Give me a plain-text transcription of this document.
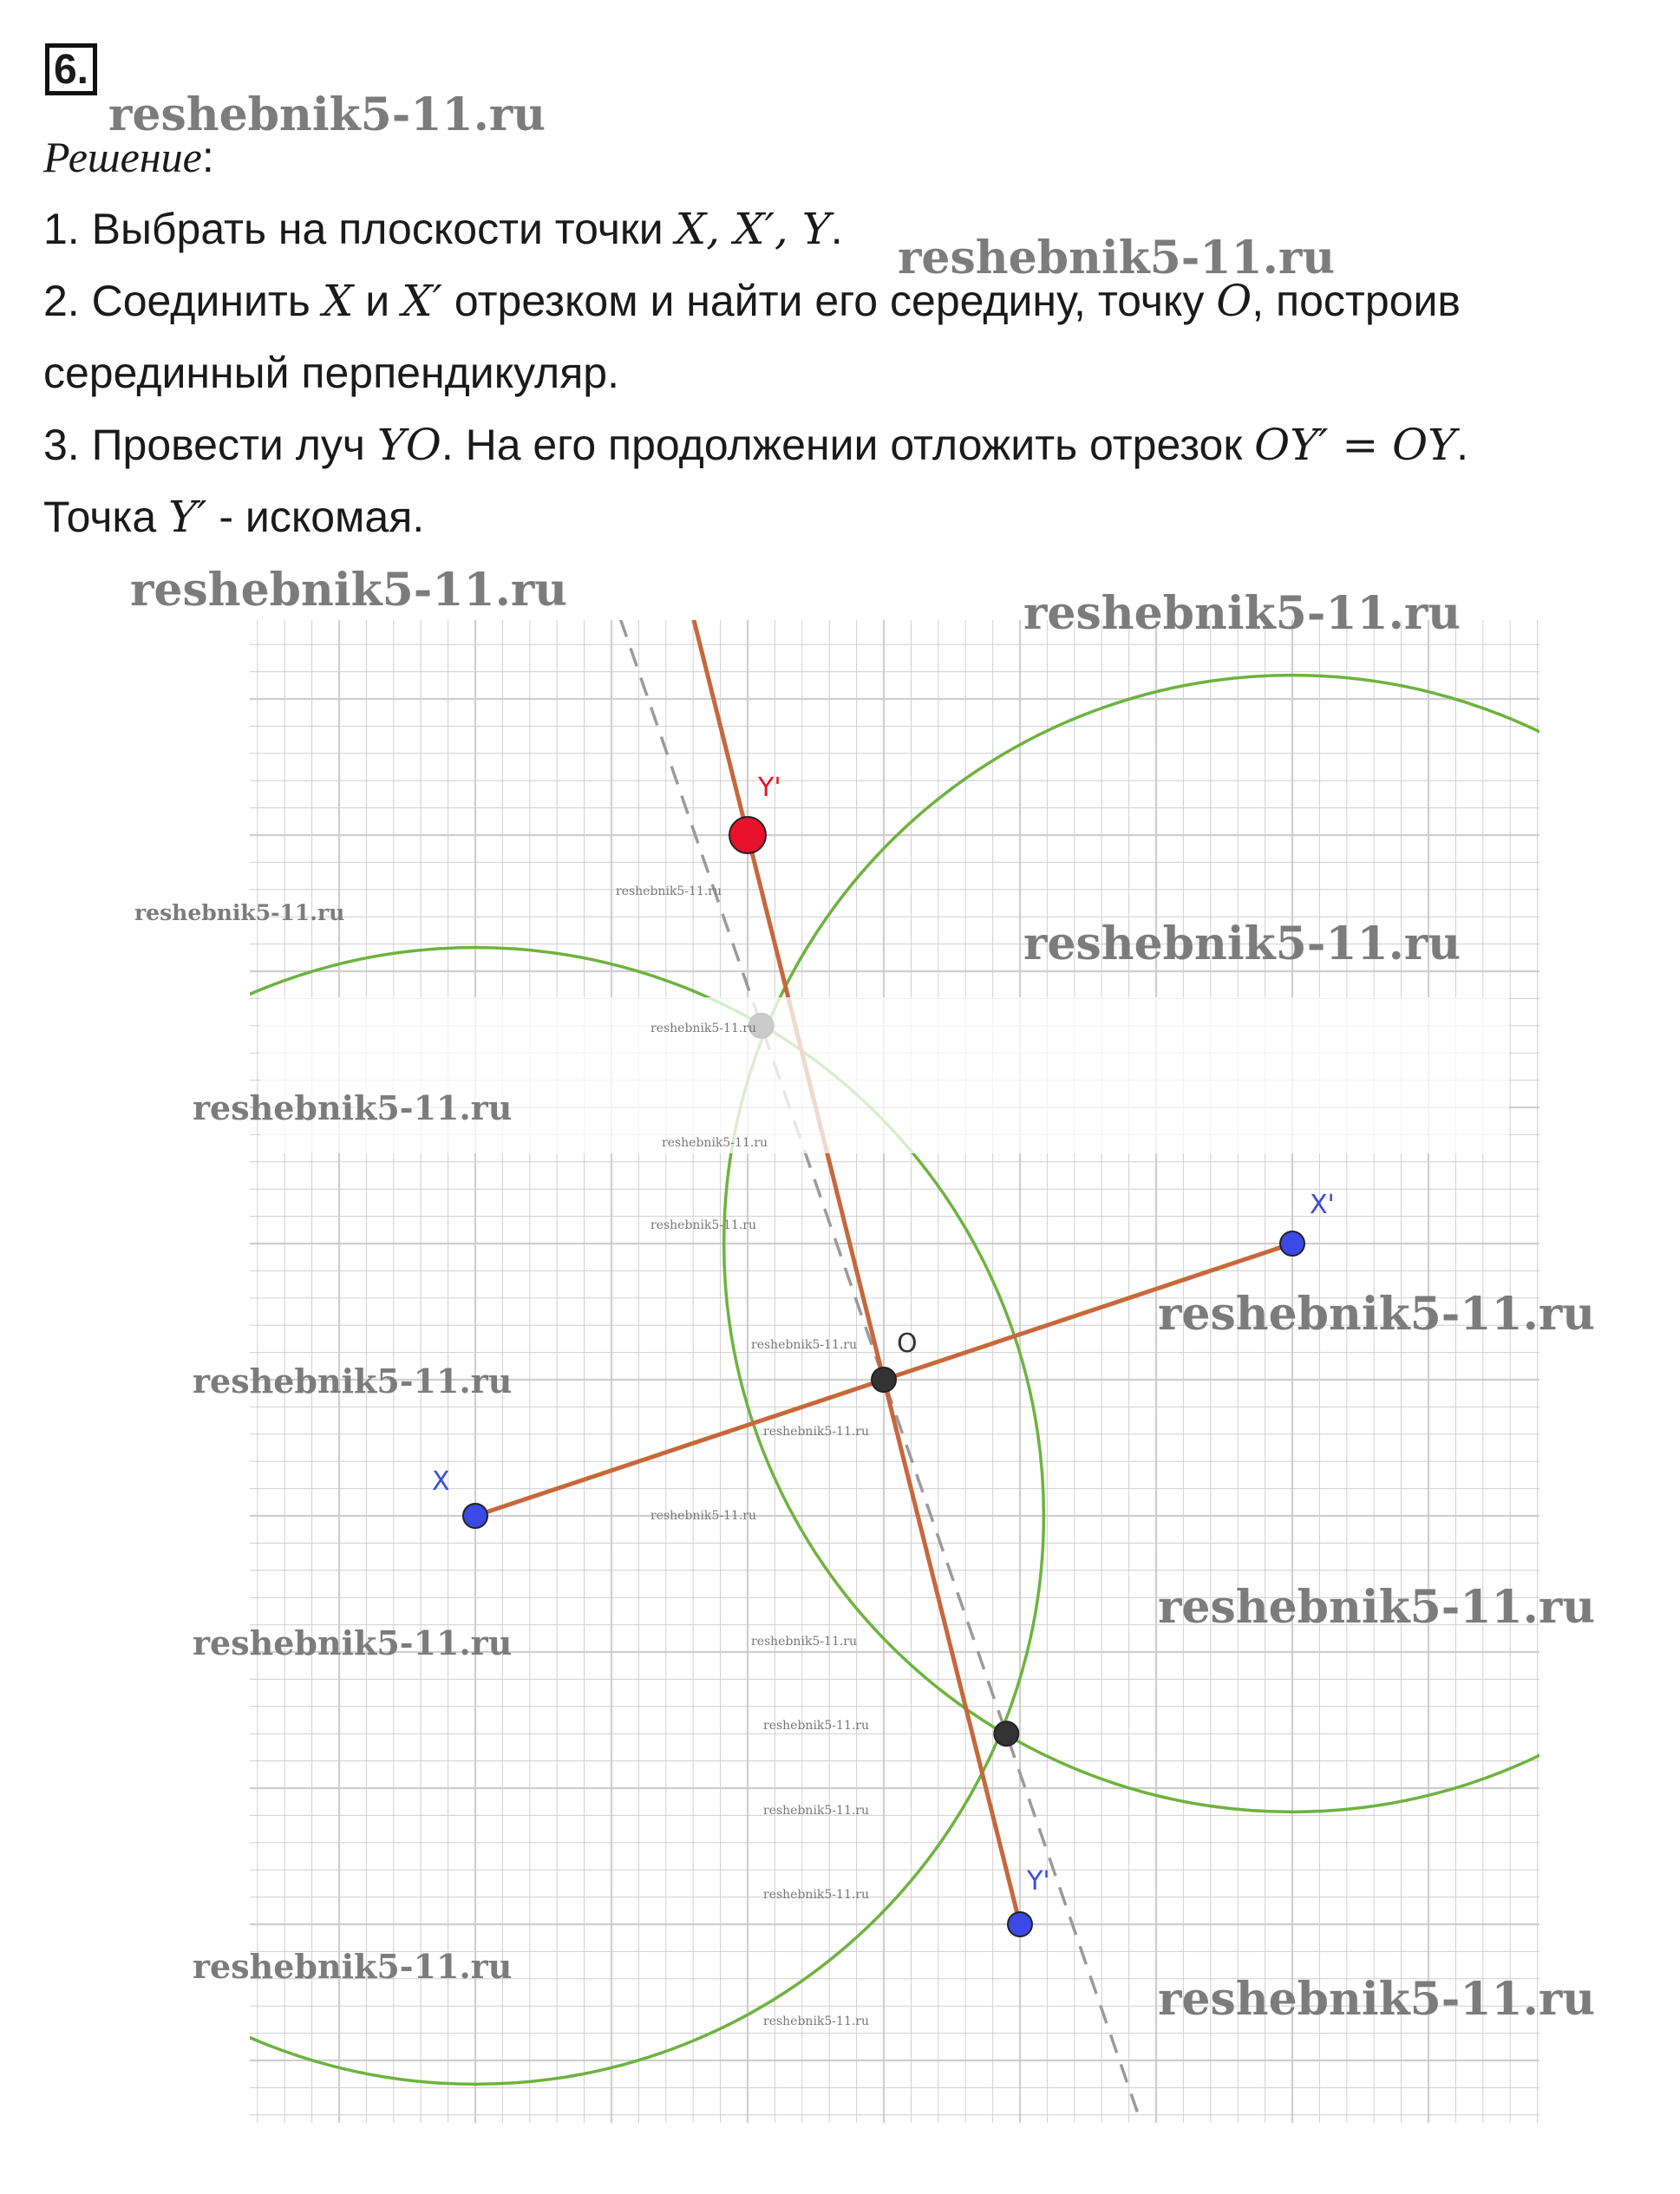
6.
Решение:
1. Выбрать на плоскости точки X, X′, Y.
2. Соединить X и X′ отрезком и найти его середину, точку O, построив серединный перпендикуляр.
3. Провести луч YO. На его продолжении отложить отрезок OY′ = OY.
Точка Y′ - искомая.
X
X'
O
Y'
Y'
reshebnik5-11.ru
reshebnik5-11.ru
reshebnik5-11.ru	reshebnik5-11.ru
reshebnik5-11.ru
reshebnik5-11.ru
reshebnik5-11.ru
reshebnik5-11.ru
reshebnik5-11.ru
reshebnik5-11.ru
reshebnik5-11.ru
reshebnik5-11.ru
reshebnik5-11.ru
reshebnik5-11.ru
reshebnik5-11.ru
reshebnik5-11.ru
reshebnik5-11.ru
reshebnik5-11.ru
reshebnik5-11.ru
reshebnik5-11.ru
reshebnik5-11.ru
reshebnik5-11.ru
reshebnik5-11.ru
reshebnik5-11.ru
reshebnik5-11.ru
